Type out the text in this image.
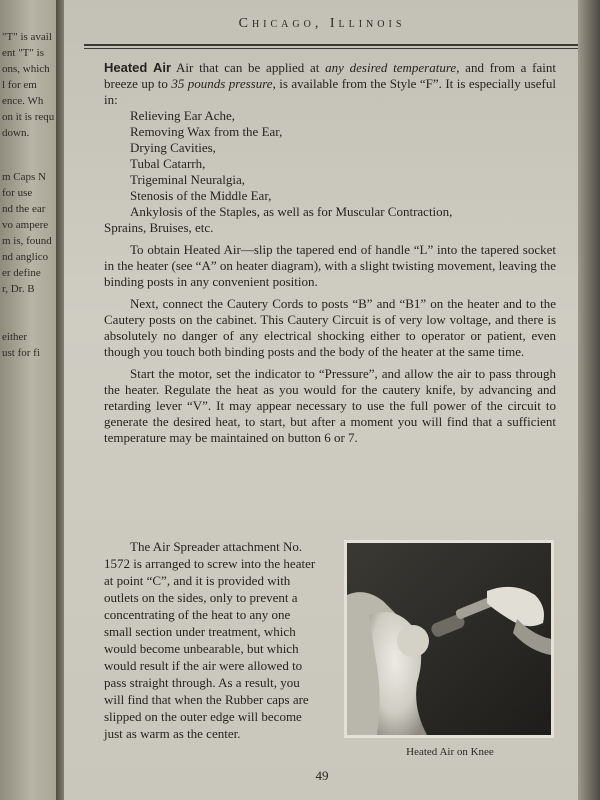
"T" is avail
ent "T" is
ons, which
l for em
ence. Wh
on it is requ
down.
m Caps N
for use
nd the ear
vo ampere
m is, found
nd anglico
er define
r, Dr. B
either
ust for fi
Chicago, Illinois

Heated Air Air that can be applied at any desired temperature, and from a faint breeze up to 35 pounds pressure, is available from the Style “F”. It is especially useful in:

Relieving Ear Ache,
Removing Wax from the Ear,
Drying Cavities,
Tubal Catarrh,
Trigeminal Neuralgia,
Stenosis of the Middle Ear,
Ankylosis of the Staples, as well as for Muscular Contraction,
Sprains, Bruises, etc.

To obtain Heated Air—slip the tapered end of handle “L” into the tapered socket in the heater (see “A” on heater diagram), with a slight twisting movement, leaving the binding posts in any convenient position.

Next, connect the Cautery Cords to posts “B” and “B1” on the heater and to the Cautery posts on the cabinet. This Cautery Circuit is of very low voltage, and there is absolutely no danger of any electrical shocking either to operator or patient, even though you touch both binding posts and the body of the heater at the same time.

Start the motor, set the indicator to “Pressure”, and allow the air to pass through the heater. Regulate the heat as you would for the cautery knife, by advancing and retarding lever “V”. It may appear necessary to use the full power of the circuit to generate the desired heat, to start, but after a moment you will find that a sufficient temperature may be maintained on button 6 or 7.

The Air Spreader attachment No. 1572 is arranged to screw into the heater at point “C”, and it is provided with outlets on the sides, only to prevent a concentrating of the heat to any one small section under treatment, which would become unbearable, but which would result if the air were allowed to pass straight through. As a result, you will find that when the Rubber caps are slipped on the outer edge will become just as warm as the center.

Heated Air on Knee
49
